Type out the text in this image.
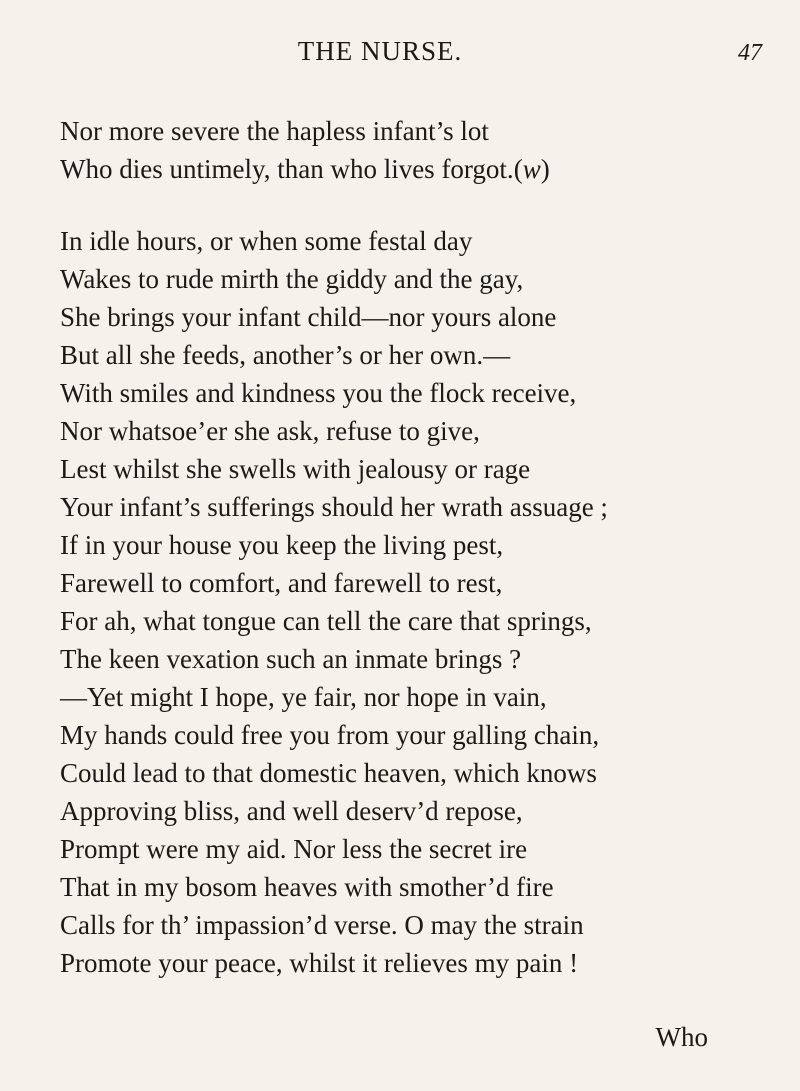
THE NURSE.	47
Nor more severe the hapless infant’s lot
Who dies untimely, than who lives forgot.(w)
In idle hours, or when some festal day
Wakes to rude mirth the giddy and the gay,
She brings your infant child—nor yours alone
But all she feeds, another’s or her own.—
With smiles and kindness you the flock receive,
Nor whatsoe’er she ask, refuse to give,
Lest whilst she swells with jealousy or rage
Your infant’s sufferings should her wrath assuage ;
If in your house you keep the living pest,
Farewell to comfort, and farewell to rest,
For ah, what tongue can tell the care that springs,
The keen vexation such an inmate brings ?
—Yet might I hope, ye fair, nor hope in vain,
My hands could free you from your galling chain,
Could lead to that domestic heaven, which knows
Approving bliss, and well deserv’d repose,
Prompt were my aid. Nor less the secret ire
That in my bosom heaves with smother’d fire
Calls for th’ impassion’d verse. O may the strain
Promote your peace, whilst it relieves my pain !
Who
